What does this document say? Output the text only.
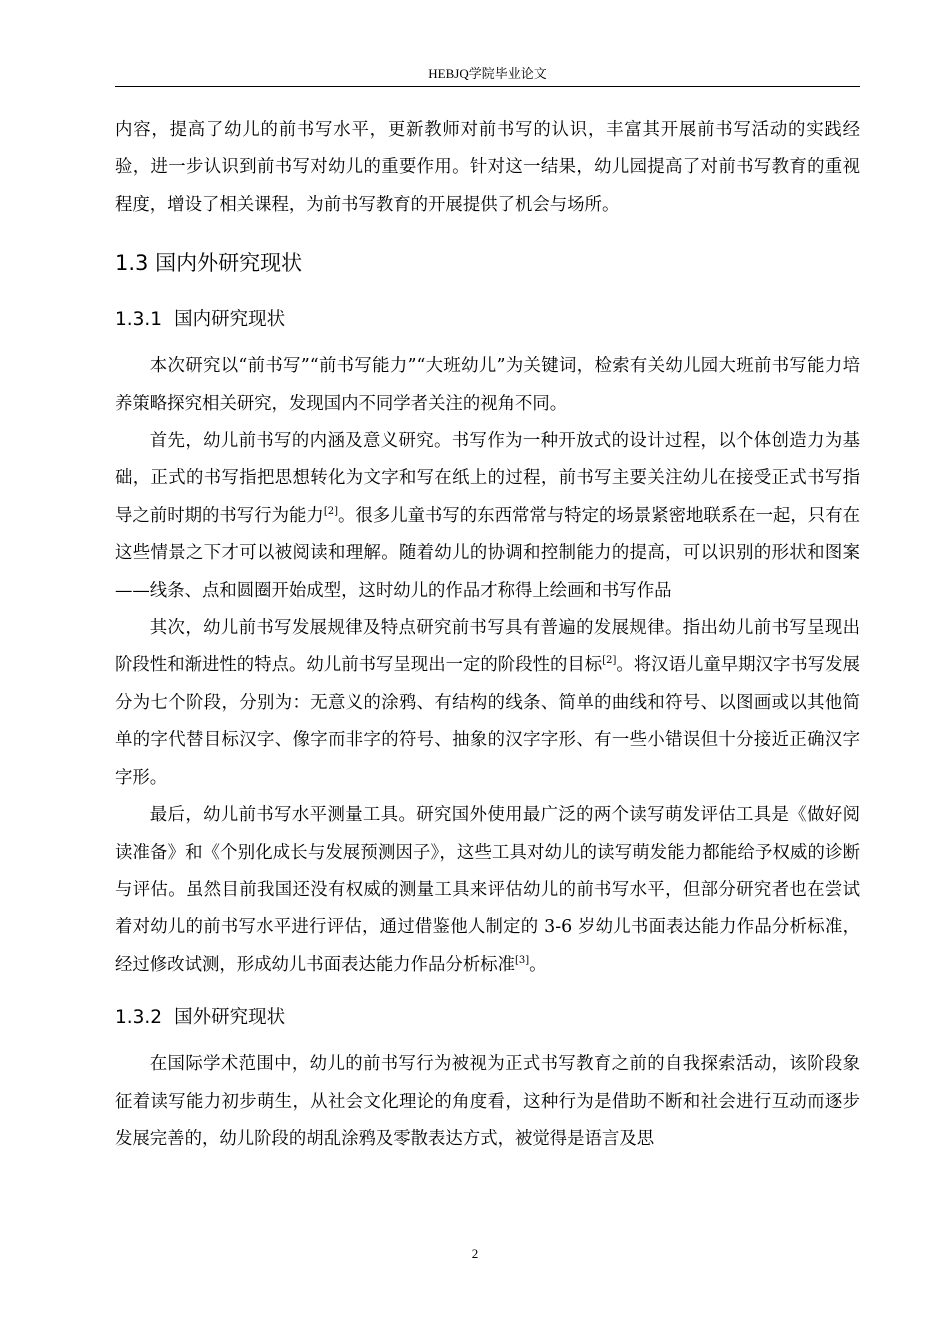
HEBJQ学院毕业论文

内容，提高了幼儿的前书写水平，更新教师对前书写的认识，丰富其开展前书写活动的实践经验，进一步认识到前书写对幼儿的重要作用。针对这一结果，幼儿园提高了对前书写教育的重视程度，增设了相关课程，为前书写教育的开展提供了机会与场所。

1.3 国内外研究现状
1.3.1 国内研究现状

本次研究以“前书写”“前书写能力”“大班幼儿”为关键词，检索有关幼儿园大班前书写能力培养策略探究相关研究，发现国内不同学者关注的视角不同。

首先，幼儿前书写的内涵及意义研究。书写作为一种开放式的设计过程，以个体创造力为基础，正式的书写指把思想转化为文字和写在纸上的过程，前书写主要关注幼儿在接受正式书写指导之前时期的书写行为能力[2]。很多儿童书写的东西常常与特定的场景紧密地联系在一起，只有在这些情景之下才可以被阅读和理解。随着幼儿的协调和控制能力的提高，可以识别的形状和图案——线条、点和圆圈开始成型，这时幼儿的作品才称得上绘画和书写作品

其次，幼儿前书写发展规律及特点研究前书写具有普遍的发展规律。指出幼儿前书写呈现出阶段性和渐进性的特点。幼儿前书写呈现出一定的阶段性的目标[2]。将汉语儿童早期汉字书写发展分为七个阶段，分别为：无意义的涂鸦、有结构的线条、简单的曲线和符号、以图画或以其他简单的字代替目标汉字、像字而非字的符号、抽象的汉字字形、有一些小错误但十分接近正确汉字字形。

最后，幼儿前书写水平测量工具。研究国外使用最广泛的两个读写萌发评估工具是《做好阅读准备》和《个别化成长与发展预测因子》，这些工具对幼儿的读写萌发能力都能给予权威的诊断与评估。虽然目前我国还没有权威的测量工具来评估幼儿的前书写水平，但部分研究者也在尝试着对幼儿的前书写水平进行评估，通过借鉴他人制定的 3-6 岁幼儿书面表达能力作品分析标准，经过修改试测，形成幼儿书面表达能力作品分析标准[3]。

1.3.2 国外研究现状

在国际学术范围中，幼儿的前书写行为被视为正式书写教育之前的自我探索活动，该阶段象征着读写能力初步萌生，从社会文化理论的角度看，这种行为是借助不断和社会进行互动而逐步发展完善的，幼儿阶段的胡乱涂鸦及零散表达方式，被觉得是语言及思

2
